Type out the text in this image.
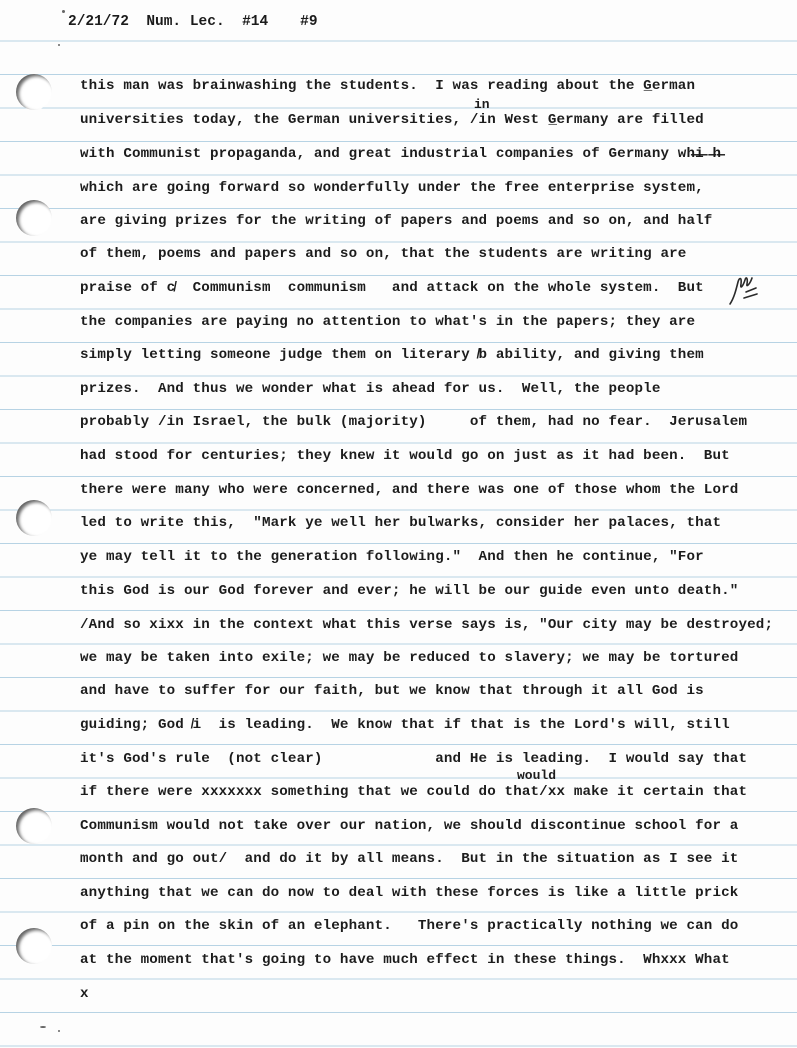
2/21/72 Num. Lec. #14 #9
this man was brainwashing the students.  I was reading about the G̲erman
in
universities today, the German universities, /in West G̲ermany are filled
with Communist propaganda, and great industrial companies of Germany wh̶i̶ ̶h̶
which are going forward so wonderfully under the free enterprise system,
are giving prizes for the writing of papers and poems and so on, and half
of them, poems and papers and so on, that the students are writing are
praise of c̸  Communism  communism   and attack on the whole system.  But
the companies are paying no attention to what's in the papers; they are
simply letting someone judge them on literary ̸b ability, and giving them
prizes.  And thus we wonder what is ahead for us.  Well, the people
probably /in Israel, the bulk (majority)     of them, had no fear.  Jerusalem
had stood for centuries; they knew it would go on just as it had been.  But
there were many who were concerned, and there was one of those whom the Lord
led to write this,  "Mark ye well her bulwarks, consider her palaces, that
ye may tell it to the generation following."  And then he continue, "For
this God is our God forever and ever; he will be our guide even unto death."
/And so xixx in the context what this verse says is, "Our city may be destroyed;
we may be taken into exile; we may be reduced to slavery; we may be tortured
and have to suffer for our faith, but we know that through it all God is
guiding; God ̸i  is leading.  We know that if that is the Lord's will, still
it's God's rule  (not clear)             and He is leading.  I would say that
would
if there were xxxxxxx something that we could do that/xx make it certain that
Communism would not take over our nation, we should discontinue school for a
month and go out/  and do it by all means.  But in the situation as I see it
anything that we can do now to deal with these forces is like a little prick
of a pin on the skin of an elephant.   There's practically nothing we can do
at the moment that's going to have much effect in these things.  Whxxx What
x
